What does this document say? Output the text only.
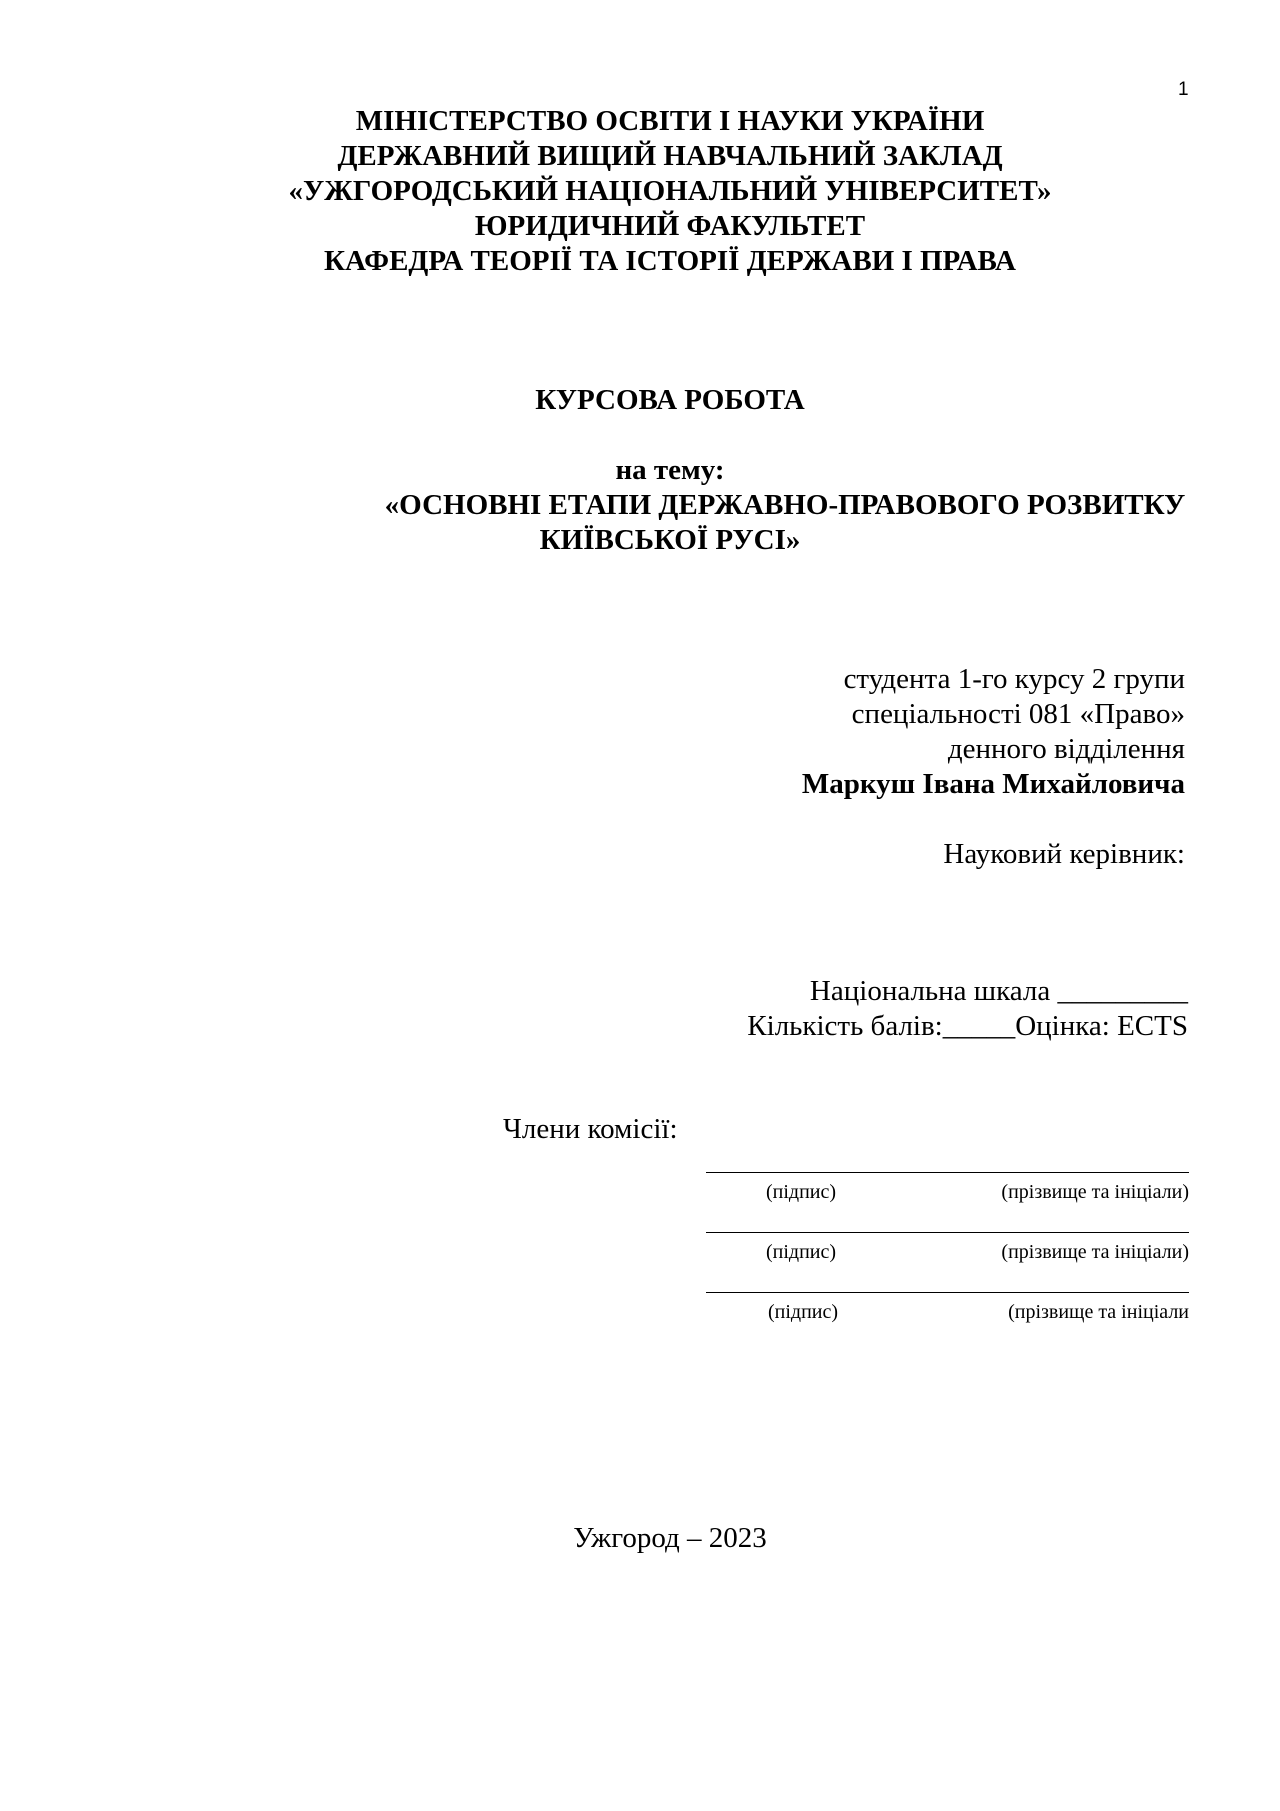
1
МІНІСТЕРСТВО ОСВІТИ І НАУКИ УКРАЇНИ
ДЕРЖАВНИЙ ВИЩИЙ НАВЧАЛЬНИЙ ЗАКЛАД
«УЖГОРОДСЬКИЙ НАЦІОНАЛЬНИЙ УНІВЕРСИТЕТ»
ЮРИДИЧНИЙ ФАКУЛЬТЕТ
КАФЕДРА ТЕОРІЇ ТА ІСТОРІЇ ДЕРЖАВИ І ПРАВА
КУРСОВА РОБОТА
на тему:
«ОСНОВНІ ЕТАПИ ДЕРЖАВНО-ПРАВОВОГО РОЗВИТКУ
КИЇВСЬКОЇ РУСІ»
студента 1-го курсу 2 групи
спеціальності 081 «Право»
денного відділення
Маркуш Івана Михайловича
Науковий керівник:
Національна шкала _________
Кількість балів:_____Оцінка: ECTS
Члени комісії:
(підпис)	(прізвище та ініціали)
(підпис)	(прізвище та ініціали)
(підпис)	(прізвище та ініціали
Ужгород – 2023
